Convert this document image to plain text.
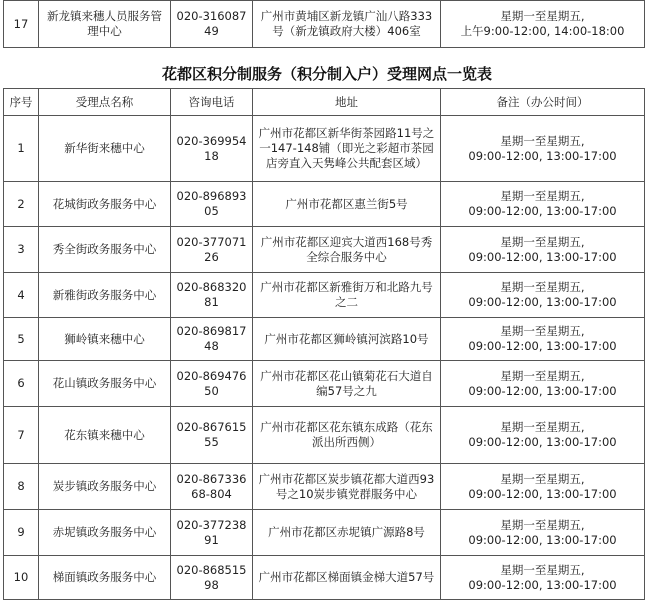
17	新龙镇来穗人员服务管理中心	020-31608749	广州市黄埔区新龙镇广汕八路333号（新龙镇政府大楼）406室	星期一至星期五,
上午9:00-12:00, 14:00-18:00
花都区积分制服务（积分制入户）受理网点一览表
序号	受理点名称	咨询电话	地址	备注（办公时间）
1	新华街来穗中心	020-36995418	广州市花都区新华街茶园路11号之一147-148铺（即光之彩超市茶园店旁直入天隽峰公共配套区域）	星期一至星期五,
09:00-12:00, 13:00-17:00
2	花城街政务服务中心	020-89689305	广州市花都区惠兰街5号	星期一至星期五,
09:00-12:00, 13:00-17:00
3	秀全街政务服务中心	020-37707126	广州市花都区迎宾大道西168号秀全综合服务中心	星期一至星期五,
09:00-12:00, 13:00-17:00
4	新雅街政务服务中心	020-86832081	广州市花都区新雅街万和北路九号之二	星期一至星期五,
09:00-12:00, 13:00-17:00
5	狮岭镇来穗中心	020-86981748	广州市花都区狮岭镇河滨路10号	星期一至星期五,
09:00-12:00, 13:00-17:00
6	花山镇政务服务中心	020-86947650	广州市花都区花山镇菊花石大道自编57号之九	星期一至星期五,
09:00-12:00, 13:00-17:00
7	花东镇来穗中心	020-86761555	广州市花都区花东镇东成路（花东派出所西侧）	星期一至星期五,
09:00-12:00, 13:00-17:00
8	炭步镇政务服务中心	020-86733668-804	广州市花都区炭步镇花都大道西93号之10炭步镇党群服务中心	星期一至星期五,
09:00-12:00, 13:00-17:00
9	赤坭镇政务服务中心	020-37723891	广州市花都区赤坭镇广源路8号	星期一至星期五,
09:00-12:00, 13:00-17:00
10	梯面镇政务服务中心	020-86851598	广州市花都区梯面镇金梯大道57号	星期一至星期五,
09:00-12:00, 13:00-17:00
